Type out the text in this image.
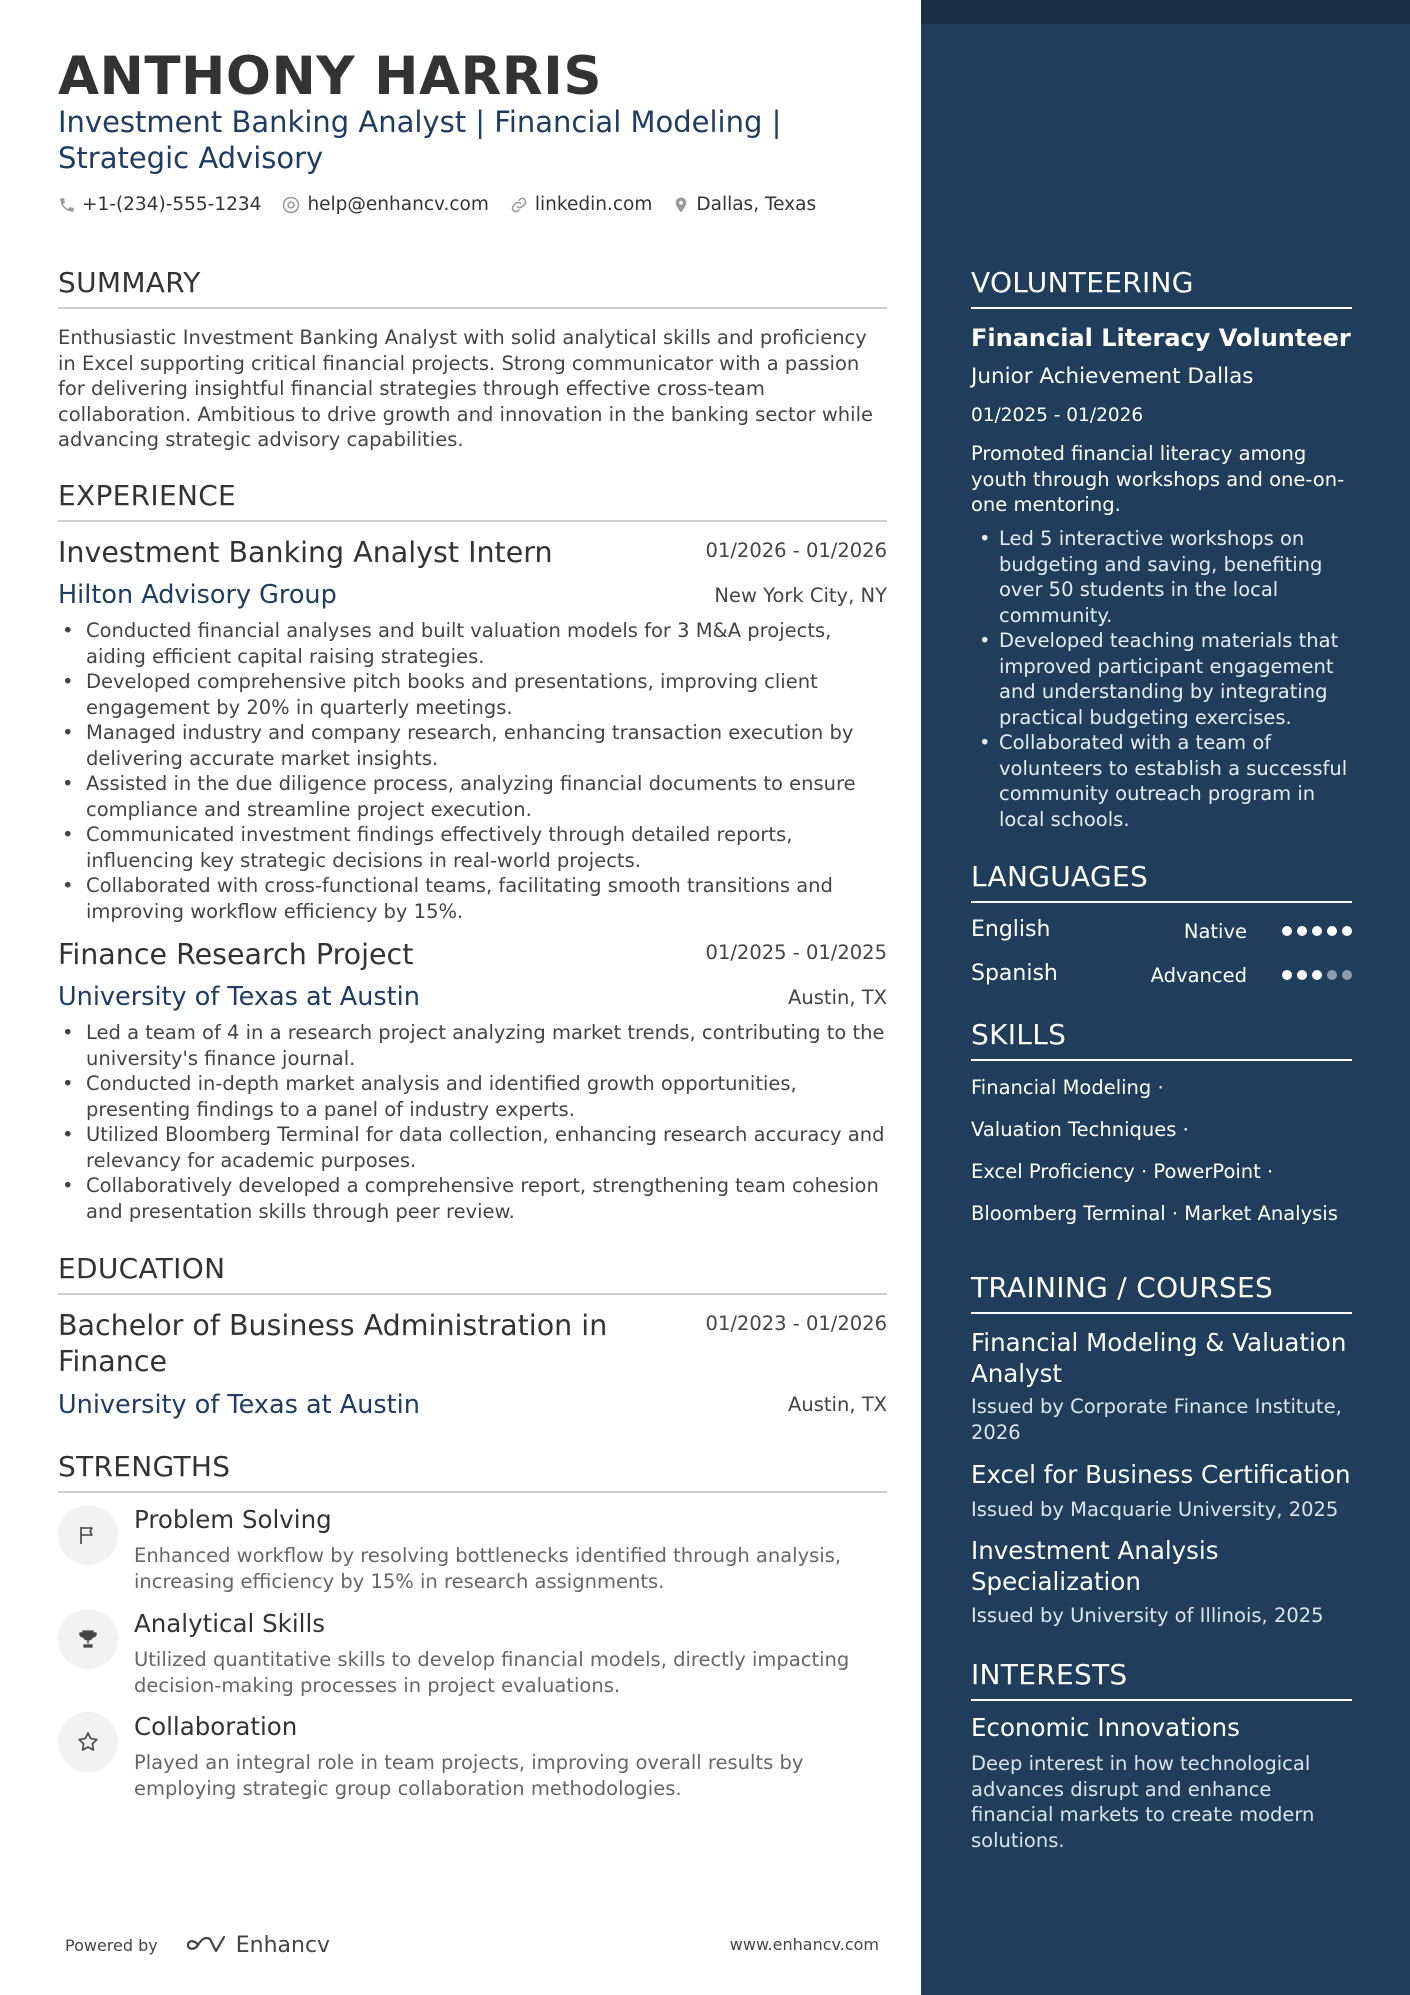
ANTHONY HARRIS
Investment Banking Analyst | Financial Modeling | Strategic Advisory
+1-(234)-555-1234 help@enhancv.com linkedin.com Dallas, Texas
SUMMARY
Enthusiastic Investment Banking Analyst with solid analytical skills and proficiency in Excel supporting critical financial projects. Strong communicator with a passion for delivering insightful financial strategies through effective cross-team collaboration. Ambitious to drive growth and innovation in the banking sector while advancing strategic advisory capabilities.
EXPERIENCE
Investment Banking Analyst Intern	01/2026 - 01/2026
Hilton Advisory Group	New York City, NY
• Conducted financial analyses and built valuation models for 3 M&A projects, aiding efficient capital raising strategies.
• Developed comprehensive pitch books and presentations, improving client engagement by 20% in quarterly meetings.
• Managed industry and company research, enhancing transaction execution by delivering accurate market insights.
• Assisted in the due diligence process, analyzing financial documents to ensure compliance and streamline project execution.
• Communicated investment findings effectively through detailed reports, influencing key strategic decisions in real-world projects.
• Collaborated with cross-functional teams, facilitating smooth transitions and improving workflow efficiency by 15%.
Finance Research Project	01/2025 - 01/2025
University of Texas at Austin	Austin, TX
• Led a team of 4 in a research project analyzing market trends, contributing to the university's finance journal.
• Conducted in-depth market analysis and identified growth opportunities, presenting findings to a panel of industry experts.
• Utilized Bloomberg Terminal for data collection, enhancing research accuracy and relevancy for academic purposes.
• Collaboratively developed a comprehensive report, strengthening team cohesion and presentation skills through peer review.
EDUCATION
Bachelor of Business Administration in Finance
01/2023 - 01/2026
University of Texas at Austin	Austin, TX
STRENGTHS
Problem Solving
Enhanced workflow by resolving bottlenecks identified through analysis, increasing efficiency by 15% in research assignments.
Analytical Skills
Utilized quantitative skills to develop financial models, directly impacting decision-making processes in project evaluations.
Collaboration
Played an integral role in team projects, improving overall results by employing strategic group collaboration methodologies.
Powered by	Enhancv	www.enhancv.com
VOLUNTEERING
Financial Literacy Volunteer
Junior Achievement Dallas
01/2025 - 01/2026
Promoted financial literacy among youth through workshops and one-on-one mentoring.
• Led 5 interactive workshops on budgeting and saving, benefiting over 50 students in the local community.
• Developed teaching materials that improved participant engagement and understanding by integrating practical budgeting exercises.
• Collaborated with a team of volunteers to establish a successful community outreach program in local schools.
LANGUAGES
English	Native
Spanish	Advanced
SKILLS
Financial Modeling ·
Valuation Techniques ·
Excel Proficiency · PowerPoint ·
Bloomberg Terminal · Market Analysis
TRAINING / COURSES
Financial Modeling & Valuation Analyst
Issued by Corporate Finance Institute, 2026
Excel for Business Certification
Issued by Macquarie University, 2025
Investment Analysis Specialization
Issued by University of Illinois, 2025
INTERESTS
Economic Innovations
Deep interest in how technological advances disrupt and enhance financial markets to create modern solutions.
